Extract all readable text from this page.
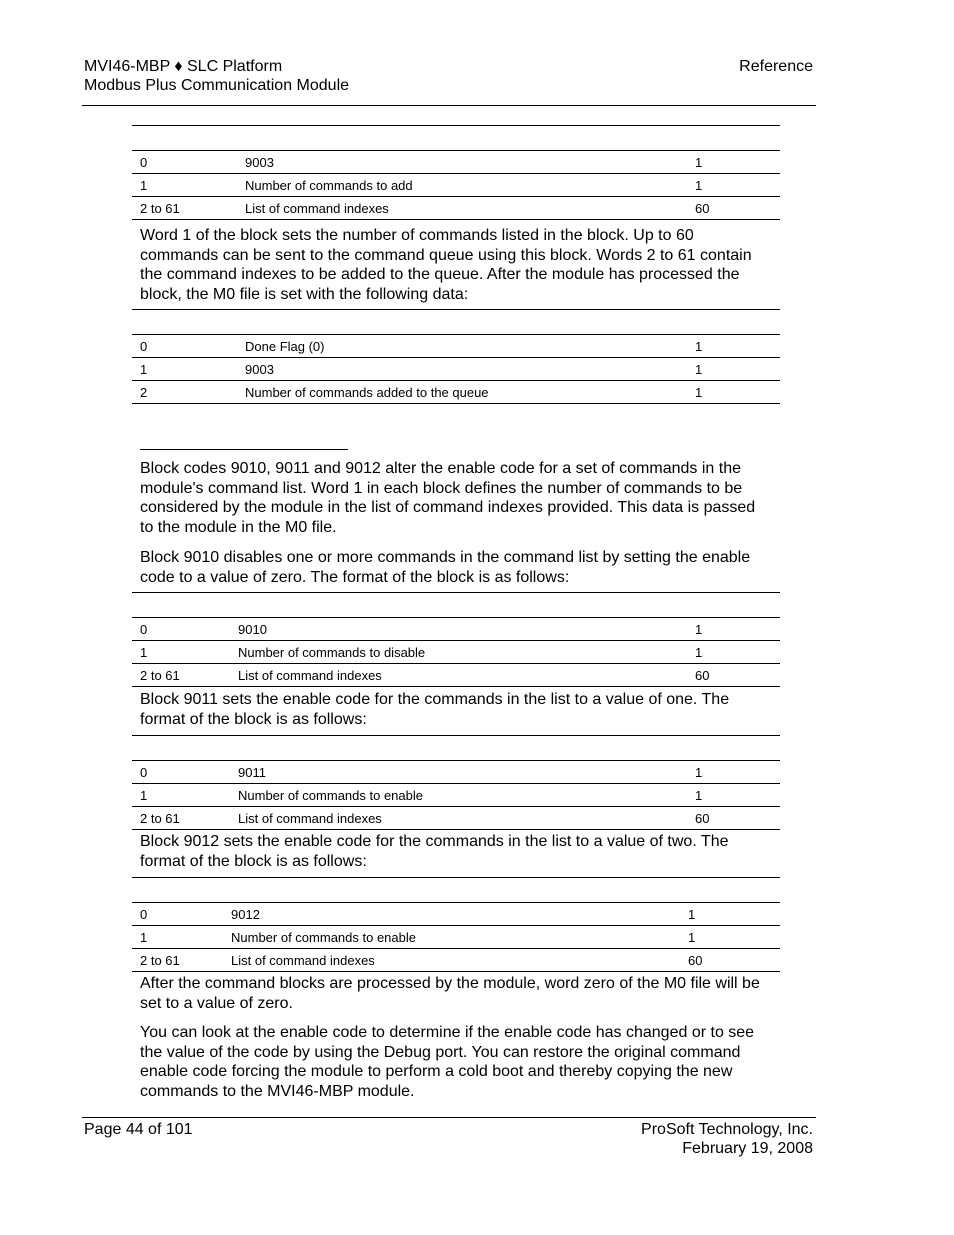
MVI46-MBP ♦ SLC Platform
Modbus Plus Communication Module
Reference

0	9003	1
1	Number of commands to add	1
2 to 61	List of command indexes	60

Word 1 of the block sets the number of commands listed in the block. Up to 60 commands can be sent to the command queue using this block. Words 2 to 61 contain the command indexes to be added to the queue. After the module has processed the block, the M0 file is set with the following data:

0	Done Flag (0)	1
1	9003	1
2	Number of commands added to the queue	1

Block codes 9010, 9011 and 9012 alter the enable code for a set of commands in the module's command list. Word 1 in each block defines the number of commands to be considered by the module in the list of command indexes provided. This data is passed to the module in the M0 file.

Block 9010 disables one or more commands in the command list by setting the enable code to a value of zero. The format of the block is as follows:

0	9010	1
1	Number of commands to disable	1
2 to 61	List of command indexes	60

Block 9011 sets the enable code for the commands in the list to a value of one. The format of the block is as follows:

0	9011	1
1	Number of commands to enable	1
2 to 61	List of command indexes	60

Block 9012 sets the enable code for the commands in the list to a value of two. The format of the block is as follows:

0	9012	1
1	Number of commands to enable	1
2 to 61	List of command indexes	60

After the command blocks are processed by the module, word zero of the M0 file will be set to a value of zero.

You can look at the enable code to determine if the enable code has changed or to see the value of the code by using the Debug port. You can restore the original command enable code forcing the module to perform a cold boot and thereby copying the new commands to the MVI46-MBP module.

Page 44 of 101	ProSoft Technology, Inc.
February 19, 2008
